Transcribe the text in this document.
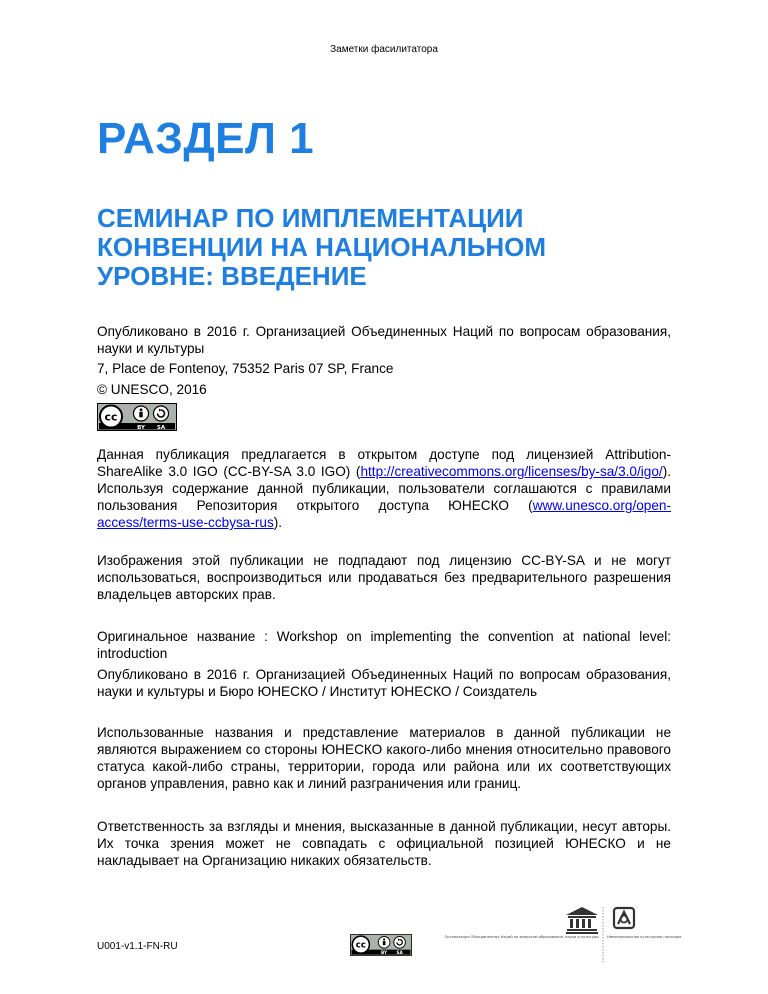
Заметки фасилитатора
РАЗДЕЛ 1
СЕМИНАР ПО ИМПЛЕМЕНТАЦИИ
КОНВЕНЦИИ НА НАЦИОНАЛЬНОМ
УРОВНЕ: ВВЕДЕНИЕ

Опубликовано в 2016 г. Организацией Объединенных Наций по вопросам образования, науки и культуры

7, Place de Fontenoy, 75352 Paris 07 SP, France

© UNESCO, 2016

cc
BY SA

Данная публикация предлагается в открытом доступе под лицензией Attribution-ShareAlike 3.0 IGO (CC-BY-SA 3.0 IGO) (http://creativecommons.org/licenses/by-sa/3.0/igo/). Используя содержание данной публикации, пользователи соглашаются с правилами пользования Репозитория открытого доступа ЮНЕСКО (www.unesco.org/open-access/terms-use-ccbysa-rus).

Изображения этой публикации не подпадают под лицензию CC-BY-SA и не могут использоваться, воспроизводиться или продаваться без предварительного разрешения владельцев авторских прав.

Оригинальное название : Workshop on implementing the convention at national level: introduction

Опубликовано в 2016 г. Организацией Объединенных Наций по вопросам образования, науки и культуры и Бюро ЮНЕСКО / Институт ЮНЕСКО / Соиздатель

Использованные названия и представление материалов в данной публикации не являются выражением со стороны ЮНЕСКО какого-либо мнения относительно правового статуса какой-либо страны, территории, города или района или их соответствующих органов управления, равно как и линий разграничения или границ.

Ответственность за взгляды и мнения, высказанные в данной публикации, несут авторы. Их точка зрения может не совпадать с официальной позицией ЮНЕСКО и не накладывает на Организацию никаких обязательств.

U001-v1.1-FN-RU	cc
BY SA
Организация Объединенных Наций по вопросам образования, науки и культуры Нематериальное культурное наследие
